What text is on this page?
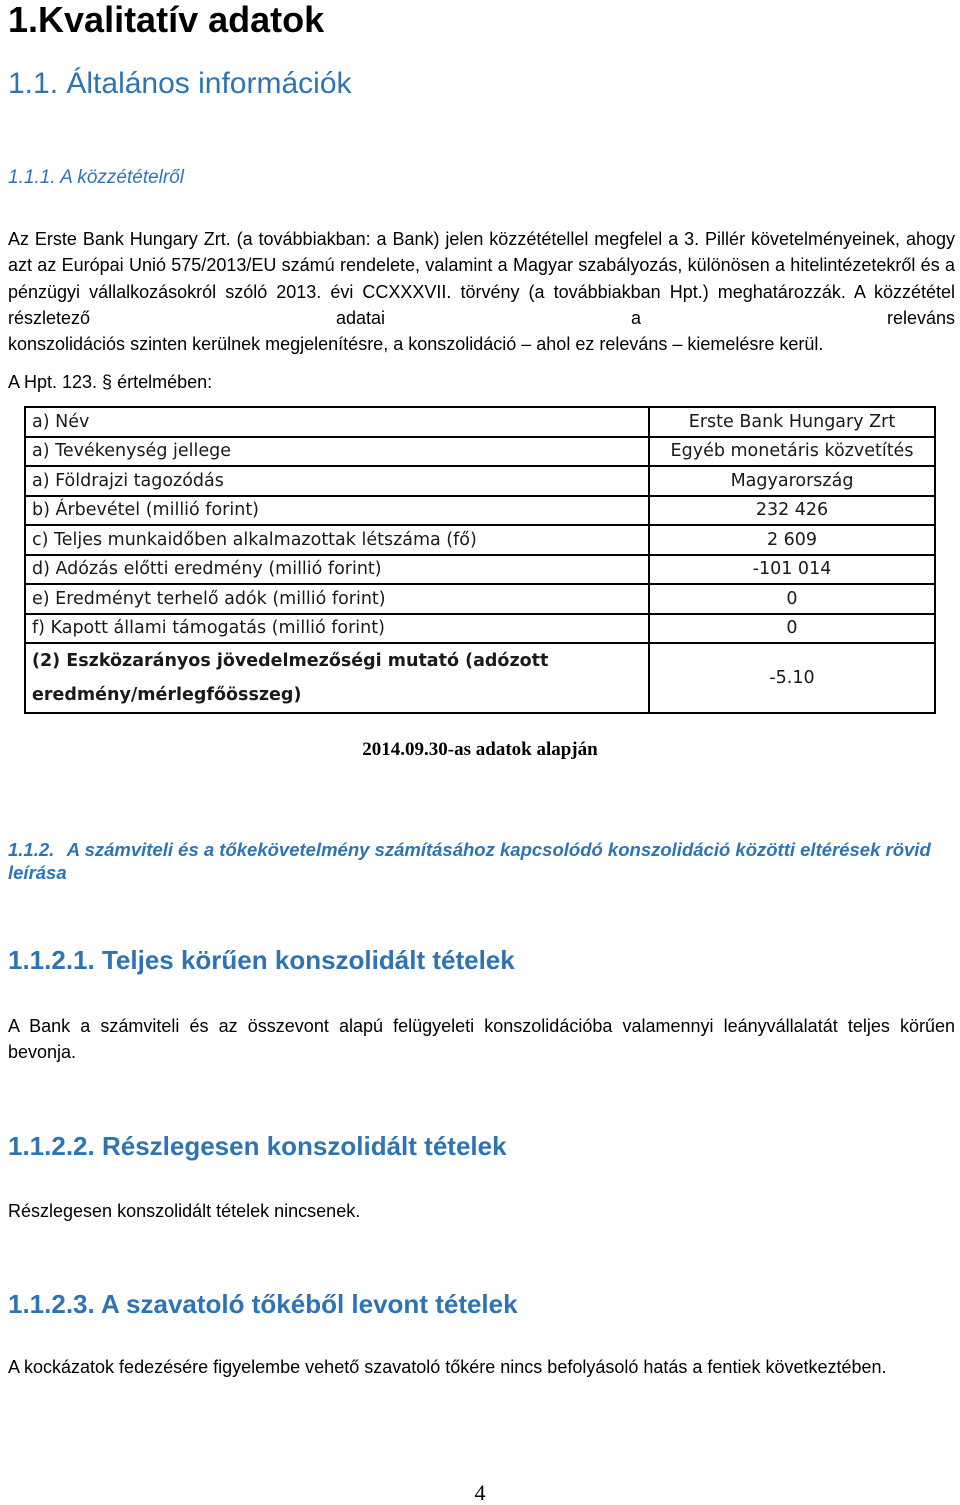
1.Kvalitatív adatok
1.1. Általános információk
1.1.1. A közzétételről
Az Erste Bank Hungary Zrt. (a továbbiakban: a Bank) jelen közzététellel megfelel a 3. Pillér követelményeinek, ahogy azt az Európai Unió 575/2013/EU számú rendelete, valamint a Magyar szabályozás, különösen a hitelintézetekről és a pénzügyi vállalkozásokról szóló 2013. évi CCXXXVII. törvény (a továbbiakban Hpt.) meghatározzák. A közzététel részletező adatai a releváns
konszolidációs szinten kerülnek megjelenítésre, a konszolidáció – ahol ez releváns – kiemelésre kerül.
A Hpt. 123. § értelmében:
a) Név	Erste Bank Hungary Zrt
a) Tevékenység jellege	Egyéb monetáris közvetítés
a) Földrajzi tagozódás	Magyarország
b) Árbevétel (millió forint)	232 426
c) Teljes munkaidőben alkalmazottak létszáma (fő)	2 609
d) Adózás előtti eredmény (millió forint)	-101 014
e) Eredményt terhelő adók (millió forint)	0
f) Kapott állami támogatás (millió forint)	0
(2) Eszközarányos jövedelmezőségi mutató (adózott eredmény/mérlegfőösszeg)	-5.10
2014.09.30-as adatok alapján
1.1.2. A számviteli és a tőkekövetelmény számításához kapcsolódó konszolidáció közötti eltérések rövid leírása
1.1.2.1. Teljes körűen konszolidált tételek
A Bank a számviteli és az összevont alapú felügyeleti konszolidációba valamennyi leányvállalatát teljes körűen bevonja.
1.1.2.2. Részlegesen konszolidált tételek
Részlegesen konszolidált tételek nincsenek.
1.1.2.3. A szavatoló tőkéből levont tételek
A kockázatok fedezésére figyelembe vehető szavatoló tőkére nincs befolyásoló hatás a fentiek következtében.
4
